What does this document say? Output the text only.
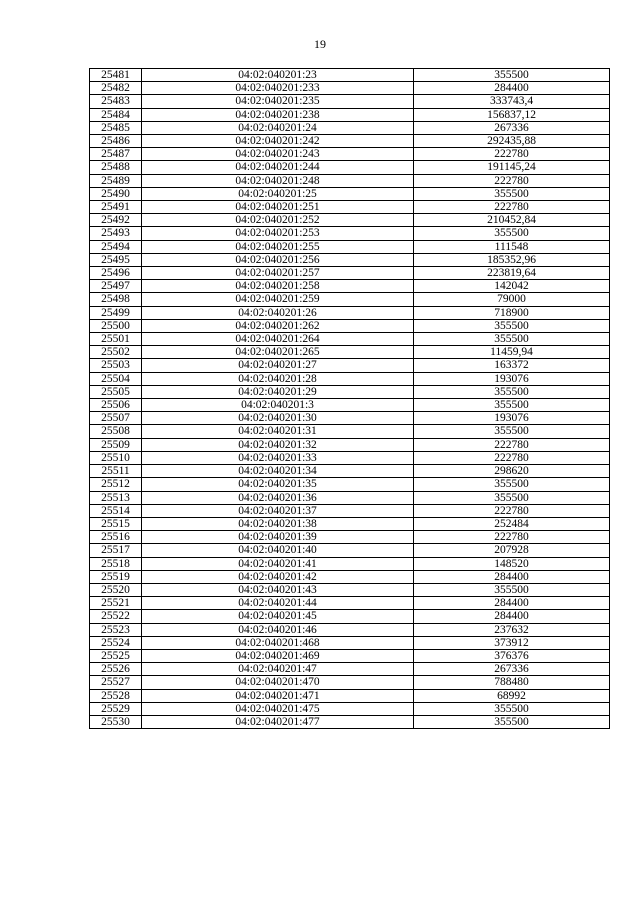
19
25481	04:02:040201:23	355500
25482	04:02:040201:233	284400
25483	04:02:040201:235	333743,4
25484	04:02:040201:238	156837,12
25485	04:02:040201:24	267336
25486	04:02:040201:242	292435,88
25487	04:02:040201:243	222780
25488	04:02:040201:244	191145,24
25489	04:02:040201:248	222780
25490	04:02:040201:25	355500
25491	04:02:040201:251	222780
25492	04:02:040201:252	210452,84
25493	04:02:040201:253	355500
25494	04:02:040201:255	111548
25495	04:02:040201:256	185352,96
25496	04:02:040201:257	223819,64
25497	04:02:040201:258	142042
25498	04:02:040201:259	79000
25499	04:02:040201:26	718900
25500	04:02:040201:262	355500
25501	04:02:040201:264	355500
25502	04:02:040201:265	11459,94
25503	04:02:040201:27	163372
25504	04:02:040201:28	193076
25505	04:02:040201:29	355500
25506	04:02:040201:3	355500
25507	04:02:040201:30	193076
25508	04:02:040201:31	355500
25509	04:02:040201:32	222780
25510	04:02:040201:33	222780
25511	04:02:040201:34	298620
25512	04:02:040201:35	355500
25513	04:02:040201:36	355500
25514	04:02:040201:37	222780
25515	04:02:040201:38	252484
25516	04:02:040201:39	222780
25517	04:02:040201:40	207928
25518	04:02:040201:41	148520
25519	04:02:040201:42	284400
25520	04:02:040201:43	355500
25521	04:02:040201:44	284400
25522	04:02:040201:45	284400
25523	04:02:040201:46	237632
25524	04:02:040201:468	373912
25525	04:02:040201:469	376376
25526	04:02:040201:47	267336
25527	04:02:040201:470	788480
25528	04:02:040201:471	68992
25529	04:02:040201:475	355500
25530	04:02:040201:477	355500
